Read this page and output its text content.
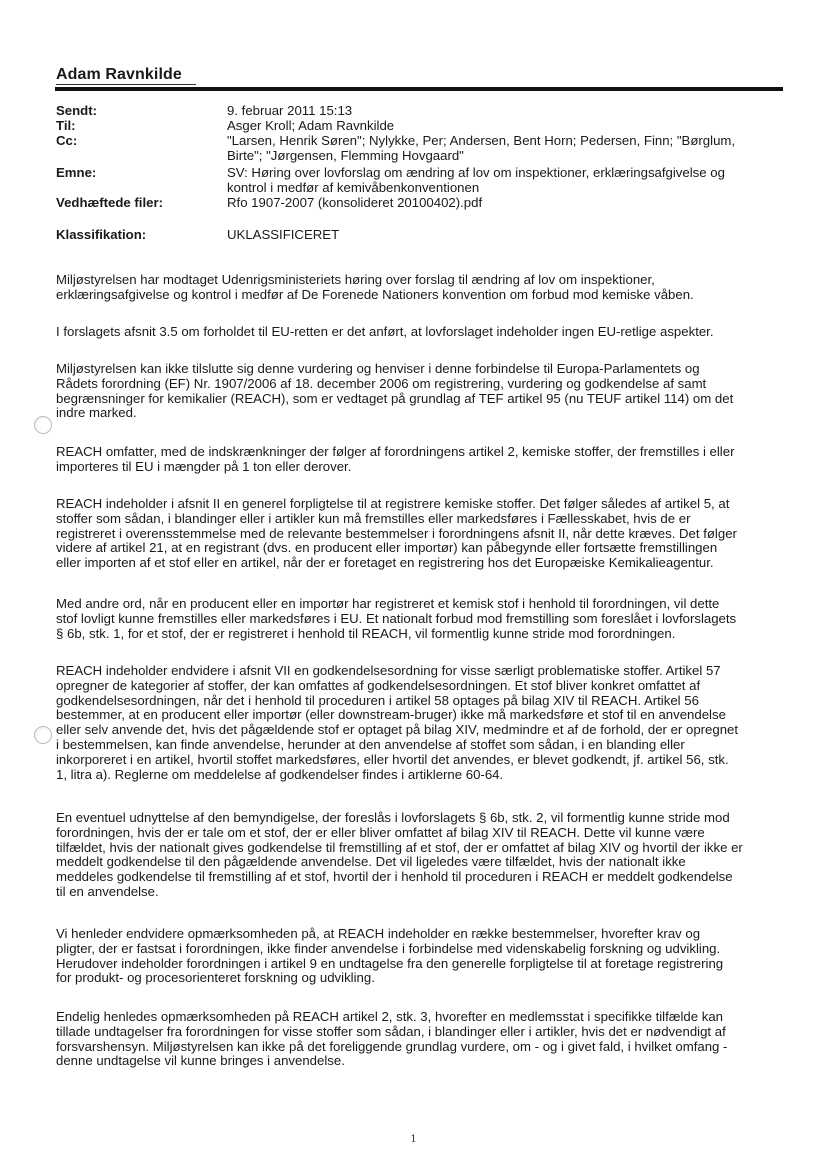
Adam Ravnkilde
Sendt:	9. februar 2011 15:13
Til:	Asger Kroll; Adam Ravnkilde
Cc:	"Larsen, Henrik Søren"; Nylykke, Per; Andersen, Bent Horn; Pedersen, Finn; "Børglum,
Birte"; "Jørgensen, Flemming Hovgaard"
Emne:	SV: Høring over lovforslag om ændring af lov om inspektioner, erklæringsafgivelse og
kontrol i medfør af kemivåbenkonventionen
Vedhæftede filer:	Rfo 1907-2007 (konsolideret 20100402).pdf
Klassifikation:	UKLASSIFICERET

Miljøstyrelsen har modtaget Udenrigsministeriets høring over forslag til ændring af lov om inspektioner,

erklæringsafgivelse og kontrol i medfør af De Forenede Nationers konvention om forbud mod kemiske våben.

I forslagets afsnit 3.5 om forholdet til EU-retten er det anført, at lovforslaget indeholder ingen EU-retlige aspekter.

Miljøstyrelsen kan ikke tilslutte sig denne vurdering og henviser i denne forbindelse til Europa-Parlamentets og

Rådets forordning (EF) Nr. 1907/2006 af 18. december 2006 om registrering, vurdering og godkendelse af samt

begrænsninger for kemikalier (REACH), som er vedtaget på grundlag af TEF artikel 95 (nu TEUF artikel 114) om det

indre marked.

REACH omfatter, med de indskrænkninger der følger af forordningens artikel 2, kemiske stoffer, der fremstilles i eller

importeres til EU i mængder på 1 ton eller derover.

REACH indeholder i afsnit II en generel forpligtelse til at registrere kemiske stoffer. Det følger således af artikel 5, at

stoffer som sådan, i blandinger eller i artikler kun må fremstilles eller markedsføres i Fællesskabet, hvis de er

registreret i overensstemmelse med de relevante bestemmelser i forordningens afsnit II, når dette kræves. Det følger

videre af artikel 21, at en registrant (dvs. en producent eller importør) kan påbegynde eller fortsætte fremstillingen

eller importen af et stof eller en artikel, når der er foretaget en registrering hos det Europæiske Kemikalieagentur.

Med andre ord, når en producent eller en importør har registreret et kemisk stof i henhold til forordningen, vil dette

stof lovligt kunne fremstilles eller markedsføres i EU. Et nationalt forbud mod fremstilling som foreslået i lovforslagets

§ 6b, stk. 1, for et stof, der er registreret i henhold til REACH, vil formentlig kunne stride mod forordningen.

REACH indeholder endvidere i afsnit VII en godkendelsesordning for visse særligt problematiske stoffer. Artikel 57

opregner de kategorier af stoffer, der kan omfattes af godkendelsesordningen. Et stof bliver konkret omfattet af

godkendelsesordningen, når det i henhold til proceduren i artikel 58 optages på bilag XIV til REACH. Artikel 56

bestemmer, at en producent eller importør (eller downstream-bruger) ikke må markedsføre et stof til en anvendelse

eller selv anvende det, hvis det pågældende stof er optaget på bilag XIV, medmindre et af de forhold, der er opregnet

i bestemmelsen, kan finde anvendelse, herunder at den anvendelse af stoffet som sådan, i en blanding eller

inkorporeret i en artikel, hvortil stoffet markedsføres, eller hvortil det anvendes, er blevet godkendt, jf. artikel 56, stk.

1, litra a). Reglerne om meddelelse af godkendelser findes i artiklerne 60-64.

En eventuel udnyttelse af den bemyndigelse, der foreslås i lovforslagets § 6b, stk. 2, vil formentlig kunne stride mod

forordningen, hvis der er tale om et stof, der er eller bliver omfattet af bilag XIV til REACH. Dette vil kunne være

tilfældet, hvis der nationalt gives godkendelse til fremstilling af et stof, der er omfattet af bilag XIV og hvortil der ikke er

meddelt godkendelse til den pågældende anvendelse. Det vil ligeledes være tilfældet, hvis der nationalt ikke

meddeles godkendelse til fremstilling af et stof, hvortil der i henhold til proceduren i REACH er meddelt godkendelse

til en anvendelse.

Vi henleder endvidere opmærksomheden på, at REACH indeholder en række bestemmelser, hvorefter krav og

pligter, der er fastsat i forordningen, ikke finder anvendelse i forbindelse med videnskabelig forskning og udvikling.

Herudover indeholder forordningen i artikel 9 en undtagelse fra den generelle forpligtelse til at foretage registrering

for produkt- og procesorienteret forskning og udvikling.

Endelig henledes opmærksomheden på REACH artikel 2, stk. 3, hvorefter en medlemsstat i specifikke tilfælde kan

tillade undtagelser fra forordningen for visse stoffer som sådan, i blandinger eller i artikler, hvis det er nødvendigt af

forsvarshensyn. Miljøstyrelsen kan ikke på det foreliggende grundlag vurdere, om - og i givet fald, i hvilket omfang -

denne undtagelse vil kunne bringes i anvendelse.

1
